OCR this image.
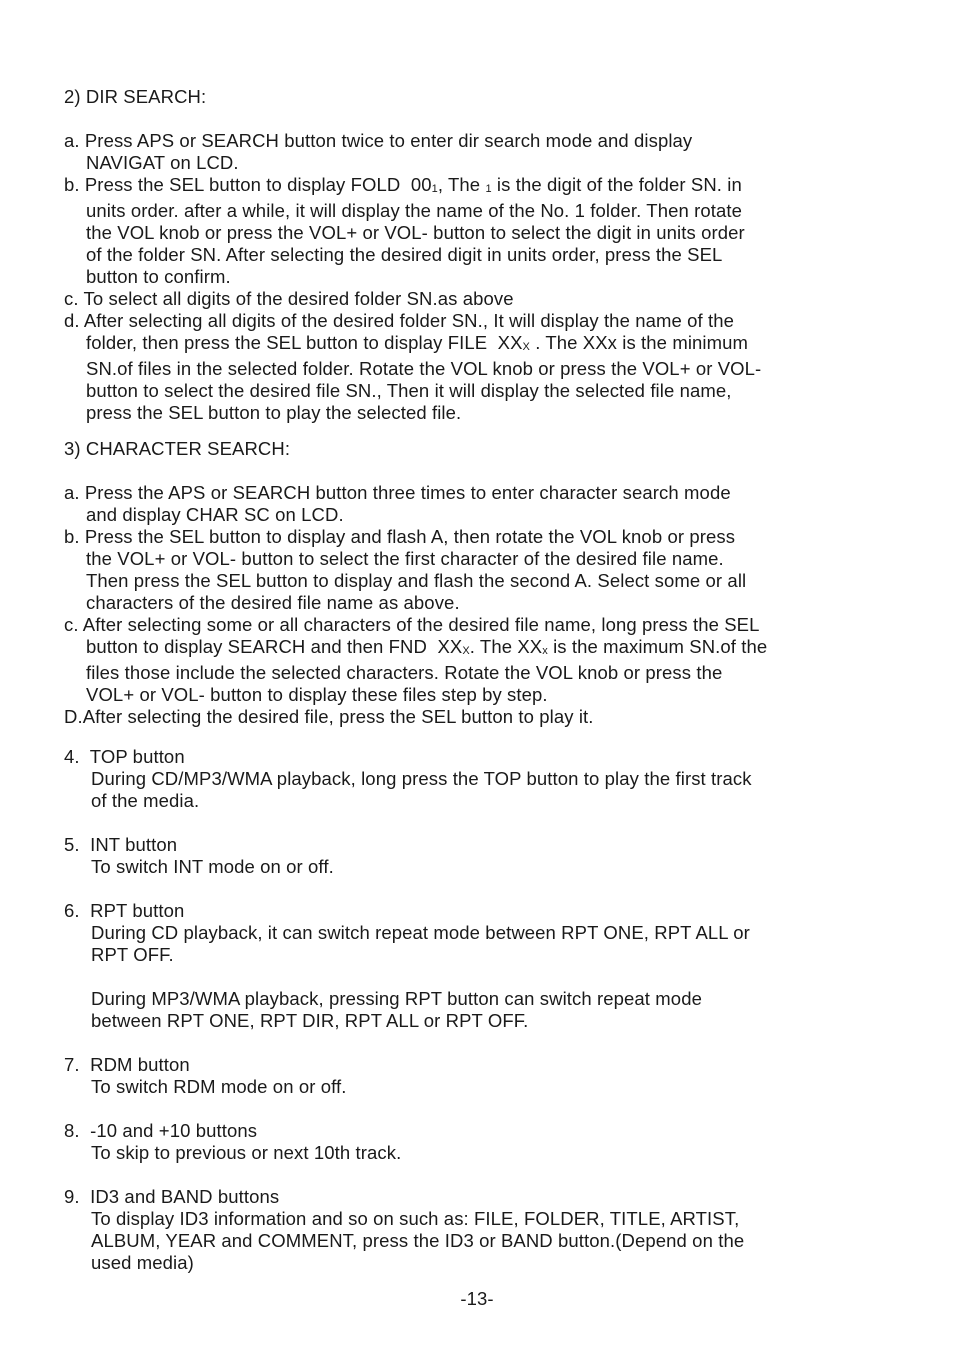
2) DIR SEARCH:

a. Press APS or SEARCH button twice to enter dir search mode and display
NAVIGAT on LCD.
b. Press the SEL button to display FOLD  001, The 1 is the digit of the folder SN. in
units order. after a while, it will display the name of the No. 1 folder. Then rotate
the VOL knob or press the VOL+ or VOL- button to select the digit in units order
of the folder SN. After selecting the desired digit in units order, press the SEL
button to confirm.
c. To select all digits of the desired folder SN.as above
d. After selecting all digits of the desired folder SN., It will display the name of the
folder, then press the SEL button to display FILE  XXX . The XXx is the minimum
SN.of files in the selected folder. Rotate the VOL knob or press the VOL+ or VOL-
button to select the desired file SN., Then it will display the selected file name,
press the SEL button to play the selected file.
3) CHARACTER SEARCH:

a. Press the APS or SEARCH button three times to enter character search mode
and display CHAR SC on LCD.
b. Press the SEL button to display and flash A, then rotate the VOL knob or press
the VOL+ or VOL- button to select the first character of the desired file name.
Then press the SEL button to display and flash the second A. Select some or all
characters of the desired file name as above.
c. After selecting some or all characters of the desired file name, long press the SEL
button to display SEARCH and then FND  XXX. The XXx is the maximum SN.of the
files those include the selected characters. Rotate the VOL knob or press the
VOL+ or VOL- button to display these files step by step.
D.After selecting the desired file, press the SEL button to play it.
4.  TOP button
During CD/MP3/WMA playback, long press the TOP button to play the first track
of the media.

5.  INT button
To switch INT mode on or off.

6.  RPT button
During CD playback, it can switch repeat mode between RPT ONE, RPT ALL or
RPT OFF.

During MP3/WMA playback, pressing RPT button can switch repeat mode
between RPT ONE, RPT DIR, RPT ALL or RPT OFF.

7.  RDM button
To switch RDM mode on or off.

8.  -10 and +10 buttons
To skip to previous or next 10th track.

9.  ID3 and BAND buttons
To display ID3 information and so on such as: FILE, FOLDER, TITLE, ARTIST,
ALBUM, YEAR and COMMENT, press the ID3 or BAND button.(Depend on the
used media)
-13-
